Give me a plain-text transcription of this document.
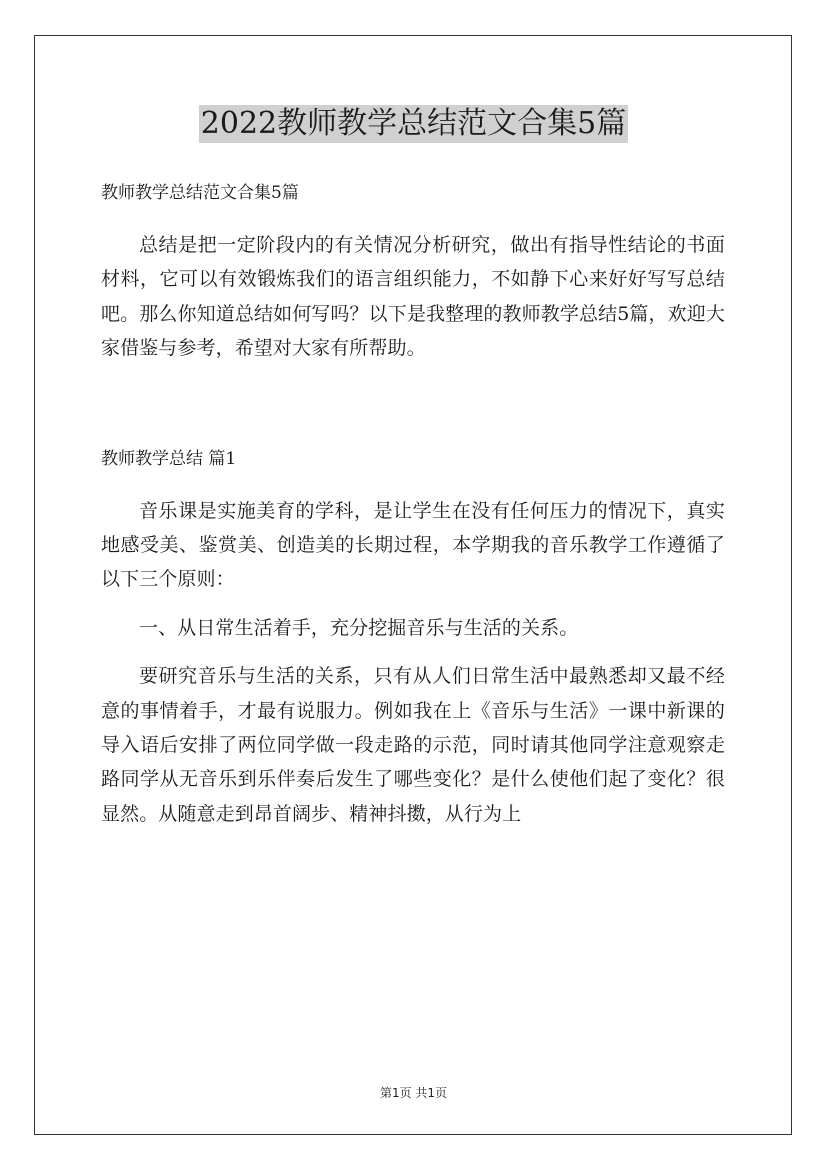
2022教师教学总结范文合集5篇

教师教学总结范文合集5篇

总结是把一定阶段内的有关情况分析研究，做出有指导性结论的书面材料，它可以有效锻炼我们的语言组织能力，不如静下心来好好写写总结吧。那么你知道总结如何写吗？以下是我整理的教师教学总结5篇，欢迎大家借鉴与参考，希望对大家有所帮助。

教师教学总结 篇1

音乐课是实施美育的学科，是让学生在没有任何压力的情况下，真实地感受美、鉴赏美、创造美的长期过程，本学期我的音乐教学工作遵循了以下三个原则：

一、从日常生活着手，充分挖掘音乐与生活的关系。

要研究音乐与生活的关系，只有从人们日常生活中最熟悉却又最不经意的事情着手，才最有说服力。例如我在上《音乐与生活》一课中新课的导入语后安排了两位同学做一段走路的示范，同时请其他同学注意观察走路同学从无音乐到乐伴奏后发生了哪些变化？是什么使他们起了变化？很显然。从随意走到昂首阔步、精神抖擞，从行为上

第1页 共1页
